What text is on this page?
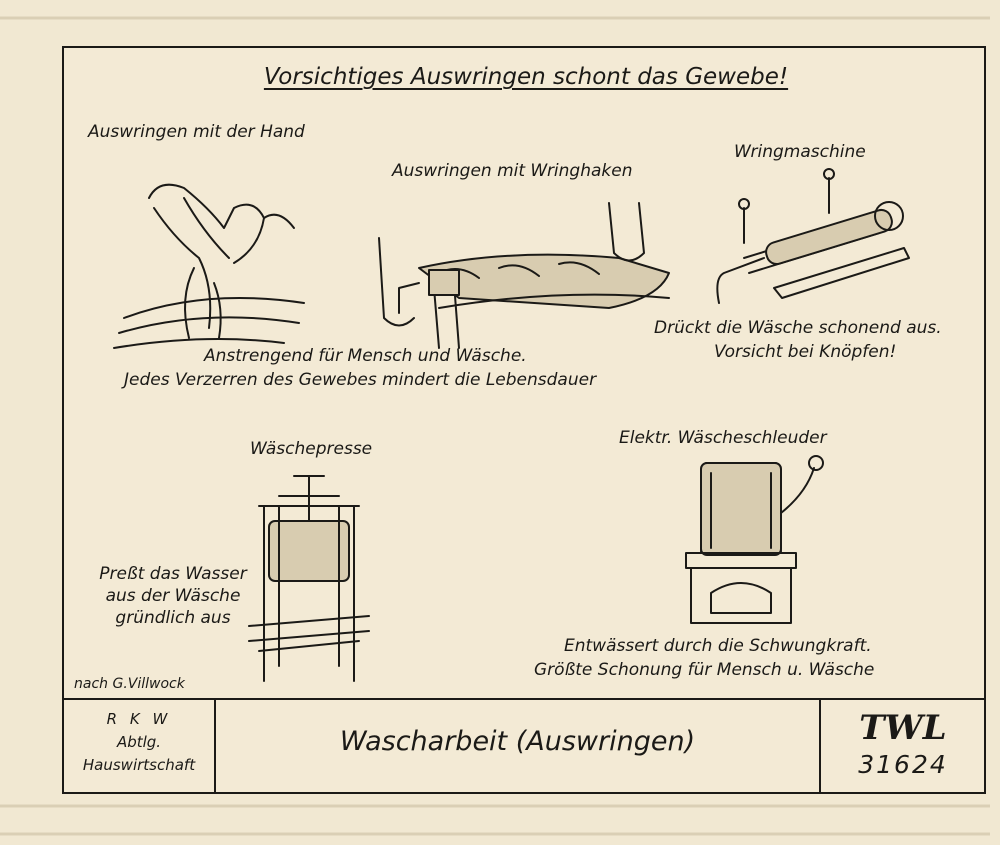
Vorsichtiges Auswringen schont das Gewebe!
Auswringen mit der Hand
Auswringen mit Wringhaken
Anstrengend für Mensch und Wäsche.
Jedes Verzerren des Gewebes mindert die Lebensdauer
Wringmaschine
Drückt die Wäsche schonend aus.
Vorsicht bei Knöpfen!
Wäschepresse
Preßt das Wasser
aus der Wäsche
gründlich aus
Elektr. Wäscheschleuder
Entwässert durch die Schwungkraft.
Größte Schonung für Mensch u. Wäsche
nach G.Villwock
R K W
Abtlg.
Hauswirtschaft
Wascharbeit (Auswringen)	TWL
31624
